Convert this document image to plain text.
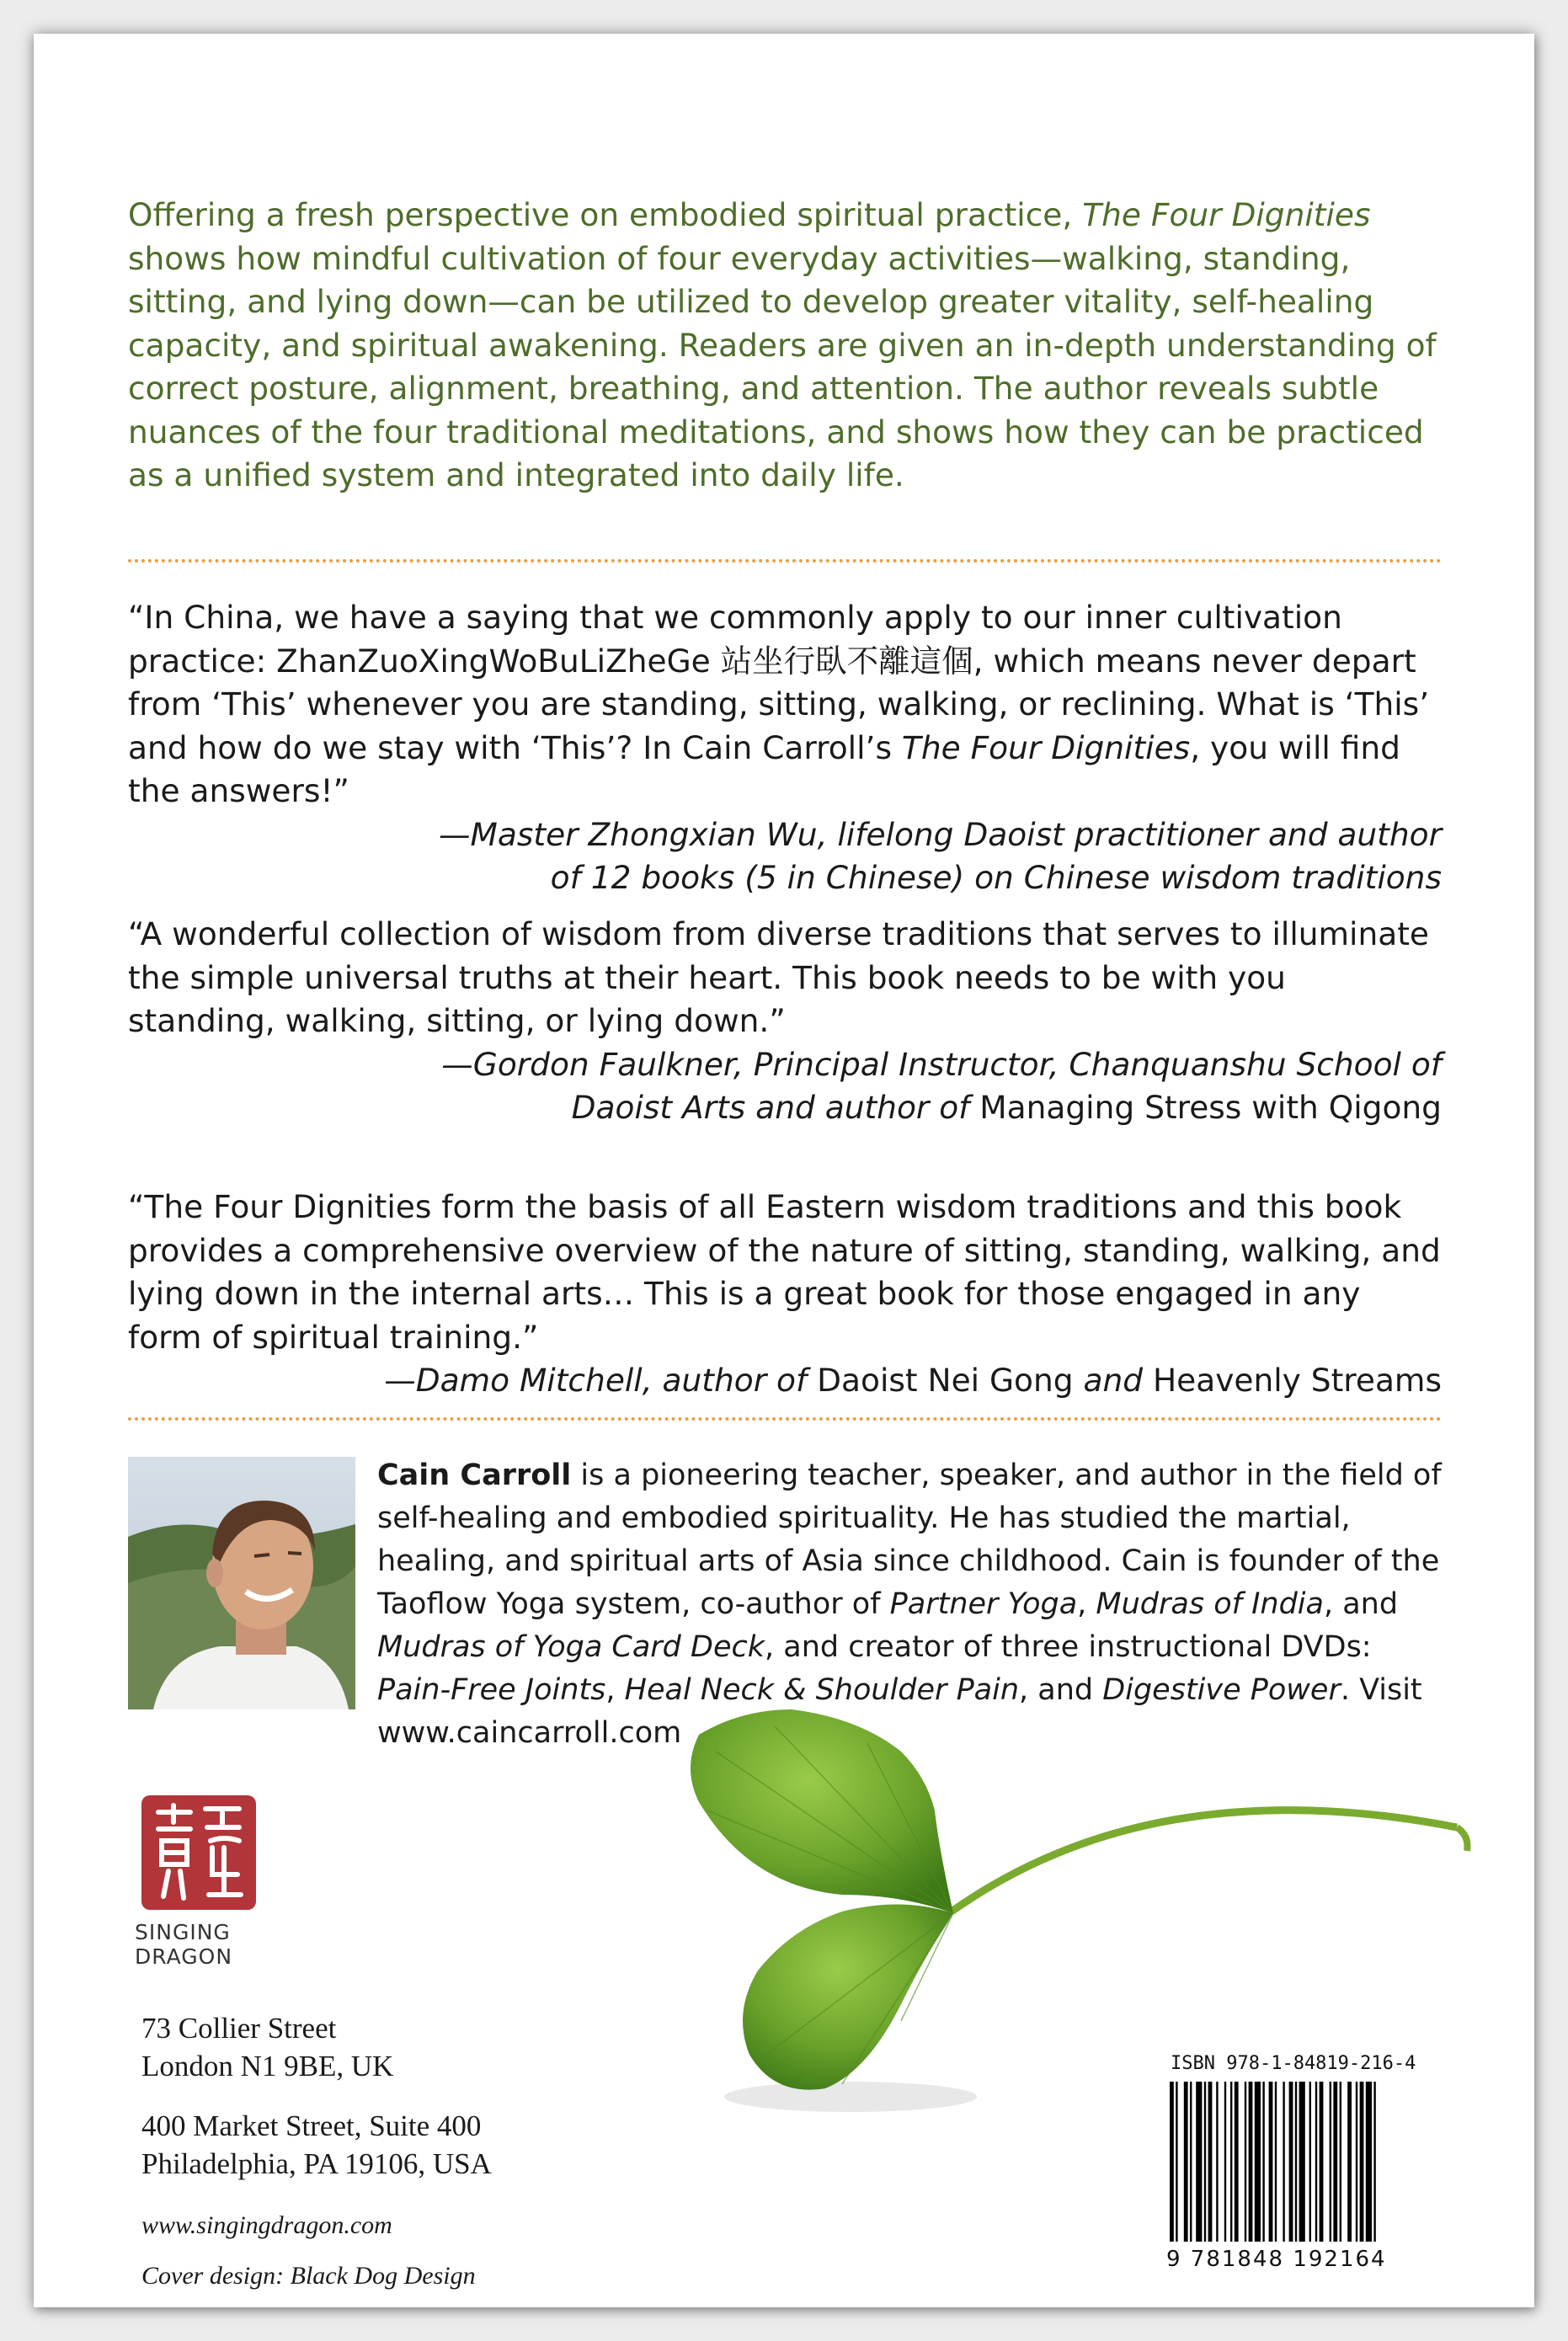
Offering a fresh perspective on embodied spiritual practice, The Four Dignities shows how mindful cultivation of four everyday activities—walking, standing, sitting, and lying down—can be utilized to develop greater vitality, self-healing capacity, and spiritual awakening. Readers are given an in-depth understanding of correct posture, alignment, breathing, and attention. The author reveals subtle nuances of the four traditional meditations, and shows how they can be practiced as a unified system and integrated into daily life.

“In China, we have a saying that we commonly apply to our inner cultivation practice: ZhanZuoXingWoBuLiZheGe 站坐行臥不離這個, which means never depart from ‘This’ whenever you are standing, sitting, walking, or reclining. What is ‘This’ and how do we stay with ‘This’? In Cain Carroll’s The Four Dignities, you will find the answers!”

—Master Zhongxian Wu, lifelong Daoist practitioner and author
of 12 books (5 in Chinese) on Chinese wisdom traditions

“A wonderful collection of wisdom from diverse traditions that serves to illuminate the simple universal truths at their heart. This book needs to be with you standing, walking, sitting, or lying down.”

—Gordon Faulkner, Principal Instructor, Chanquanshu School of
Daoist Arts and author of Managing Stress with Qigong

“The Four Dignities form the basis of all Eastern wisdom traditions and this book provides a comprehensive overview of the nature of sitting, standing, walking, and lying down in the internal arts… This is a great book for those engaged in any form of spiritual training.”

—Damo Mitchell, author of Daoist Nei Gong and Heavenly Streams

Cain Carroll is a pioneering teacher, speaker, and author in the field of self-healing and embodied spirituality. He has studied the martial, healing, and spiritual arts of Asia since childhood. Cain is founder of the Taoflow Yoga system, co-author of Partner Yoga, Mudras of India, and Mudras of Yoga Card Deck, and creator of three instructional DVDs: Pain-Free Joints, Heal Neck & Shoulder Pain, and Digestive Power. Visit www.caincarroll.com

SINGING
DRAGON
73 Collier Street
London N1 9BE, UK
400 Market Street, Suite 400
Philadelphia, PA 19106, USA
www.singingdragon.com
Cover design: Black Dog Design
ISBN 978-1-84819-216-4
9 781848 192164
